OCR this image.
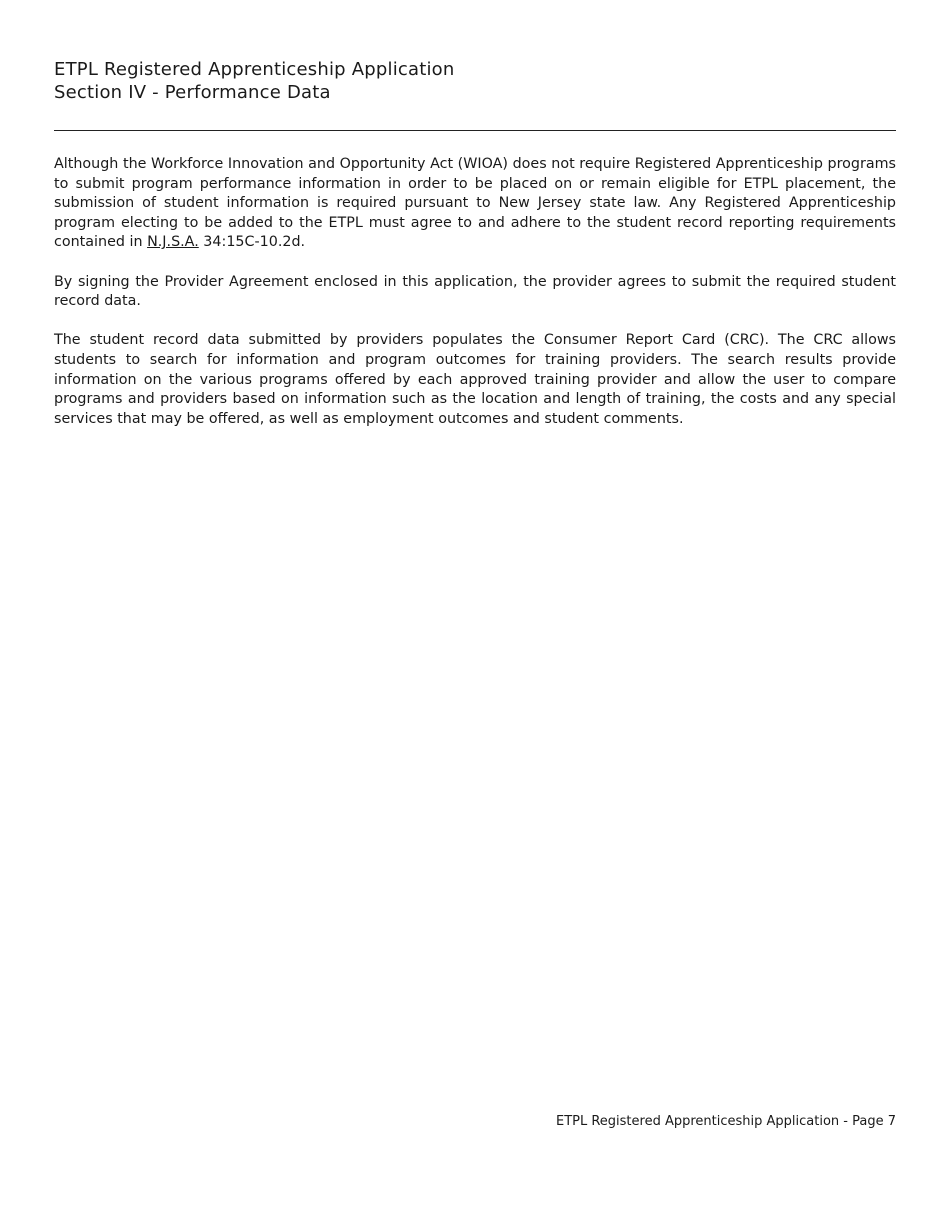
ETPL Registered Apprenticeship Application
Section IV - Performance Data

Although the Workforce Innovation and Opportunity Act (WIOA) does not require Registered Apprenticeship programs to submit program performance information in order to be placed on or remain eligible for ETPL placement, the submission of student information is required pursuant to New Jersey state law. Any Registered Apprenticeship program electing to be added to the ETPL must agree to and adhere to the student record reporting requirements contained in N.J.S.A. 34:15C-10.2d.

By signing the Provider Agreement enclosed in this application, the provider agrees to submit the required student record data.

The student record data submitted by providers populates the Consumer Report Card (CRC). The CRC allows students to search for information and program outcomes for training providers. The search results provide information on the various programs offered by each approved training provider and allow the user to compare programs and providers based on information such as the location and length of training, the costs and any special services that may be offered, as well as employment outcomes and student comments.

ETPL Registered Apprenticeship Application - Page 7
